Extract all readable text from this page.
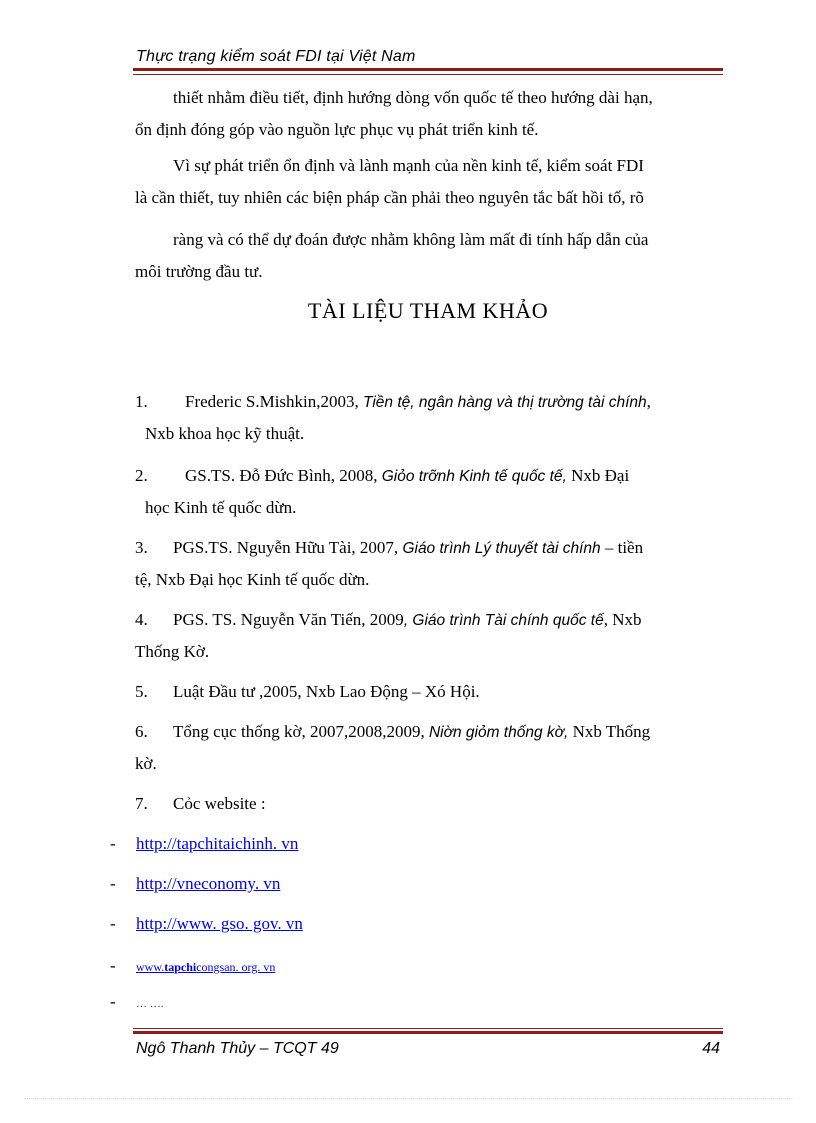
Thực trạng kiểm soát FDI tại Việt Nam
thiết nhằm điều tiết, định hướng dòng vốn quốc tế theo hướng dài hạn,
ổn định đóng góp vào nguồn lực phục vụ phát triển kinh tế.
Vì sự phát triển ổn định và lành mạnh của nền kinh tế, kiểm soát FDI
là cần thiết, tuy nhiên các biện pháp cần phải theo nguyên tắc bất hồi tố, rõ
ràng và có thể dự đoán được nhằm không làm mất đi tính hấp dẫn của
môi trường đầu tư.
TÀI LIỆU THAM KHẢO
1. Frederic S.Mishkin,2003, Tiền tệ, ngân hàng và thị trường tài chính,
Nxb khoa học kỹ thuật.
2. GS.TS. Đỗ Đức Bình, 2008, Giỏo trỡnh Kinh tế quốc tế, Nxb Đại
học Kinh tế quốc dừn.
3. PGS.TS. Nguyễn Hữu Tài, 2007, Giáo trình Lý thuyết tài chính – tiền
tệ, Nxb Đại học Kinh tế quốc dừn.
4. PGS. TS. Nguyễn Văn Tiến, 2009, Giáo trình Tài chính quốc tế, Nxb
Thống Kờ.
5. Luật Đầu tư ,2005, Nxb Lao Động – Xó Hội.
6. Tổng cục thống kờ, 2007,2008,2009, Niờn giỏm thống kờ, Nxb Thống
kờ.
7. Cỏc website :
- http://tapchitaichinh. vn
- http://vneconomy. vn
- http://www. gso. gov. vn
- www.tapchicongsan. org. vn
- … ….
Ngô Thanh Thủy – TCQT 49	44
